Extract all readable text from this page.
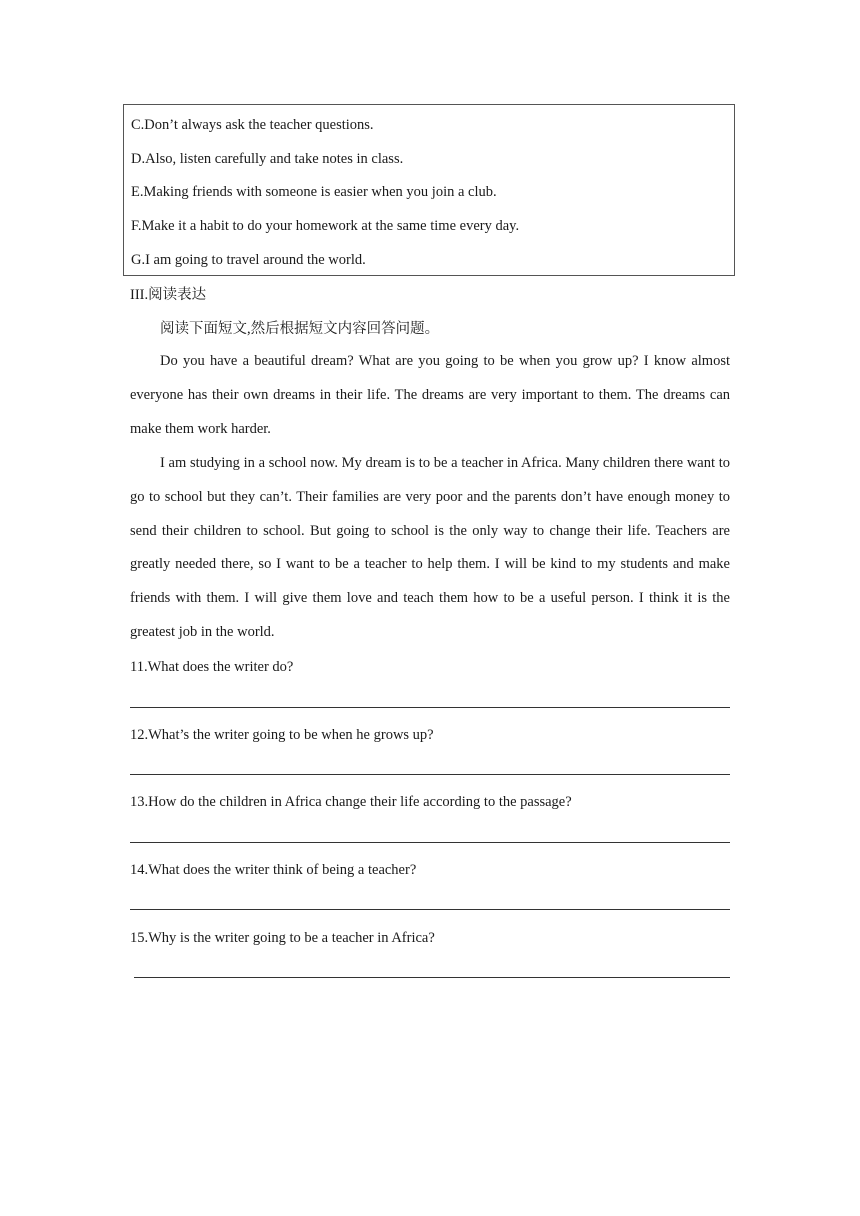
C.Don’t always ask the teacher questions.
D.Also, listen carefully and take notes in class.
E.Making friends with someone is easier when you join a club.
F.Make it a habit to do your homework at the same time every day.
G.I am going to travel around the world.
III.阅读表达
阅读下面短文,然后根据短文内容回答问题。

Do you have a beautiful dream? What are you going to be when you grow up? I know almost everyone has their own dreams in their life. The dreams are very important to them. The dreams can make them work harder.

I am studying in a school now. My dream is to be a teacher in Africa. Many children there want to go to school but they can’t. Their families are very poor and the parents don’t have enough money to send their children to school. But going to school is the only way to change their life. Teachers are greatly needed there, so I want to be a teacher to help them. I will be kind to my students and make friends with them. I will give them love and teach them how to be a useful person. I think it is the greatest job in the world.

11.What does the writer do?
12.What’s the writer going to be when he grows up?
13.How do the children in Africa change their life according to the passage?
14.What does the writer think of being a teacher?
15.Why is the writer going to be a teacher in Africa?
